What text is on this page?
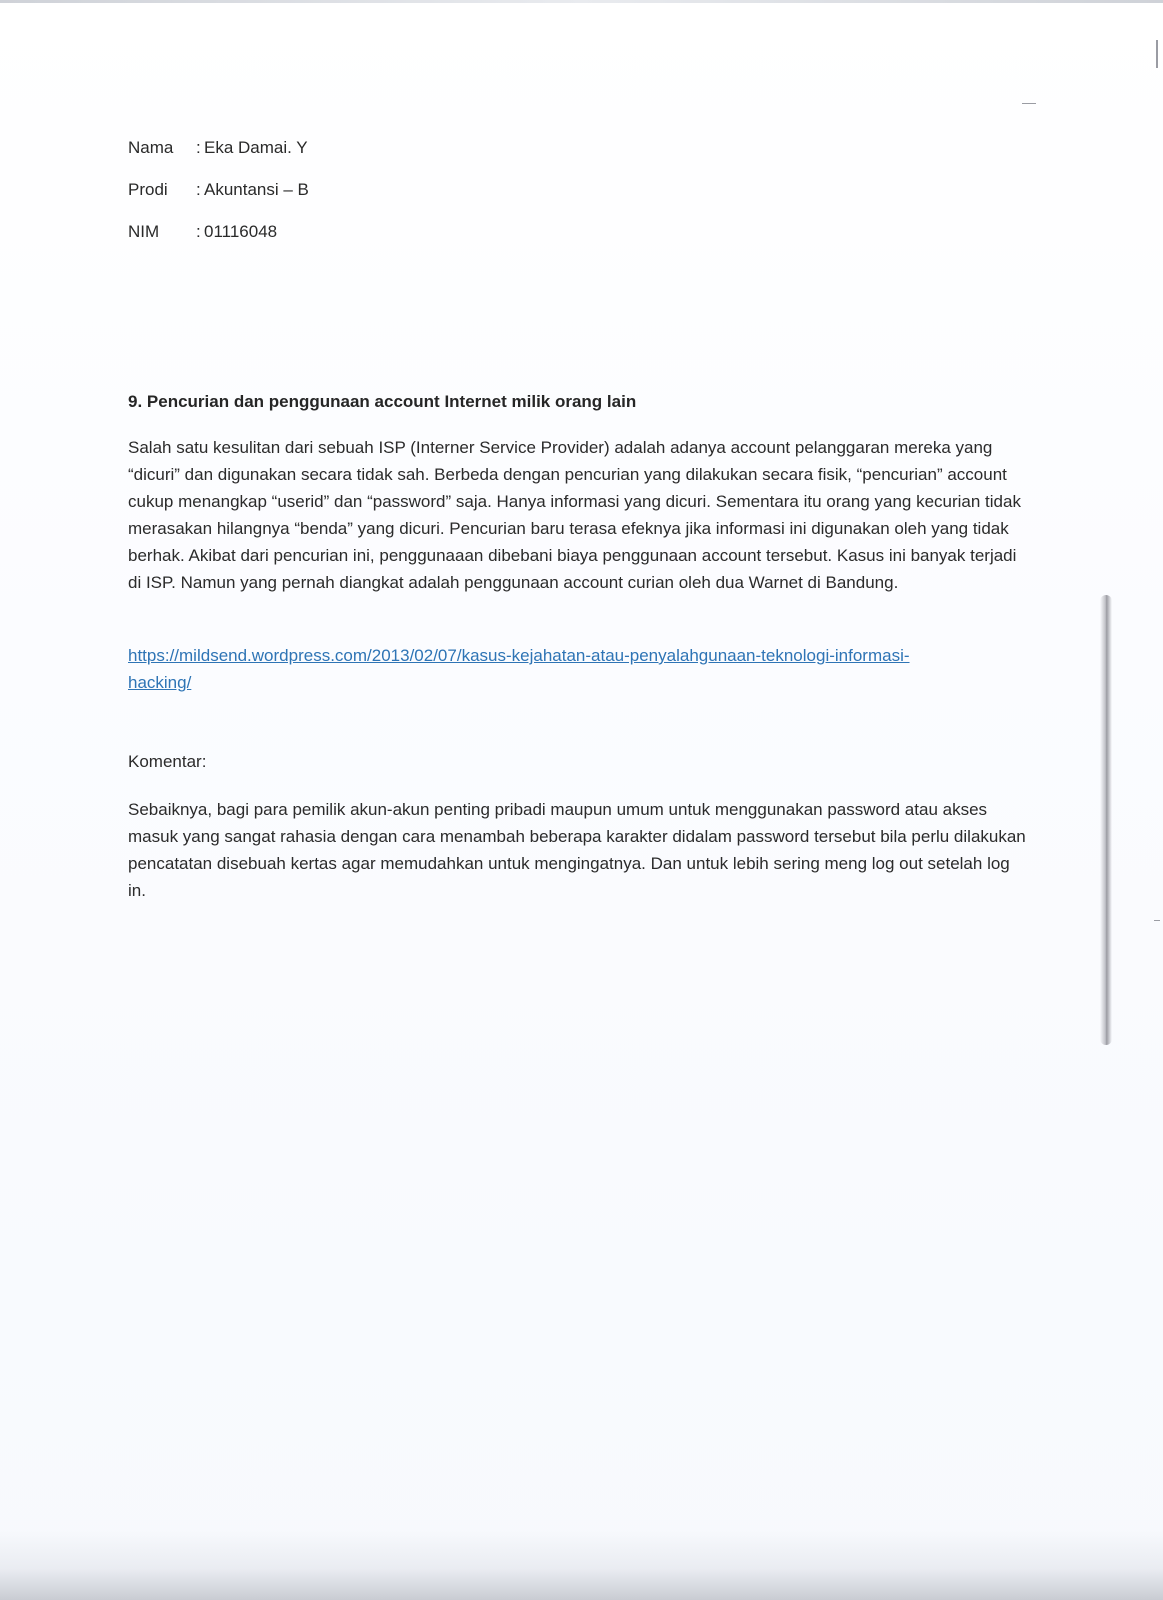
Nama : Eka Damai. Y
Prodi : Akuntansi – B
NIM : 01116048
9. Pencurian dan penggunaan account Internet milik orang lain
Salah satu kesulitan dari sebuah ISP (Interner Service Provider) adalah adanya account pelanggaran mereka yang “dicuri” dan digunakan secara tidak sah. Berbeda dengan pencurian yang dilakukan secara fisik, “pencurian” account cukup menangkap “userid” dan “password” saja. Hanya informasi yang dicuri. Sementara itu orang yang kecurian tidak merasakan hilangnya “benda” yang dicuri. Pencurian baru terasa efeknya jika informasi ini digunakan oleh yang tidak berhak. Akibat dari pencurian ini, penggunaaan dibebani biaya penggunaan account tersebut. Kasus ini banyak terjadi di ISP. Namun yang pernah diangkat adalah penggunaan account curian oleh dua Warnet di Bandung.
https://mildsend.wordpress.com/2013/02/07/kasus-kejahatan-atau-penyalahgunaan-teknologi-informasi-hacking/
Komentar:
Sebaiknya, bagi para pemilik akun-akun penting pribadi maupun umum untuk menggunakan password atau akses masuk yang sangat rahasia dengan cara menambah beberapa karakter didalam password tersebut bila perlu dilakukan pencatatan disebuah kertas agar memudahkan untuk mengingatnya. Dan untuk lebih sering meng log out setelah log in.
